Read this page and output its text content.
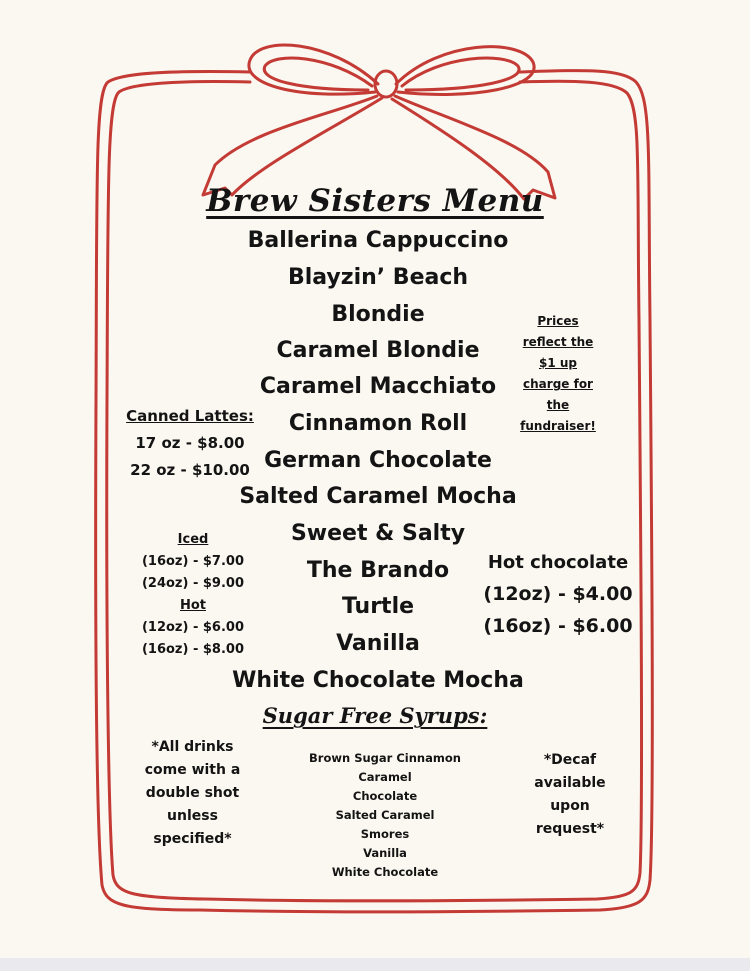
Brew Sisters Menu
Ballerina Cappuccino
Blayzin’ Beach
Blondie
Caramel Blondie
Caramel Macchiato
Cinnamon Roll
German Chocolate
Salted Caramel Mocha
Sweet & Salty
The Brando
Turtle
Vanilla
White Chocolate Mocha
Prices
reflect the
$1 up
charge for
the
fundraiser!
Canned Lattes:
17 oz - $8.00
22 oz - $10.00
Iced
(16oz) - $7.00
(24oz) - $9.00
Hot
(12oz) - $6.00
(16oz) - $8.00
Hot chocolate
(12oz) - $4.00
(16oz) - $6.00
Sugar Free Syrups:
Brown Sugar Cinnamon
Caramel
Chocolate
Salted Caramel
Smores
Vanilla
White Chocolate
*All drinks
come with a
double shot
unless
specified*
*Decaf
available
upon
request*
